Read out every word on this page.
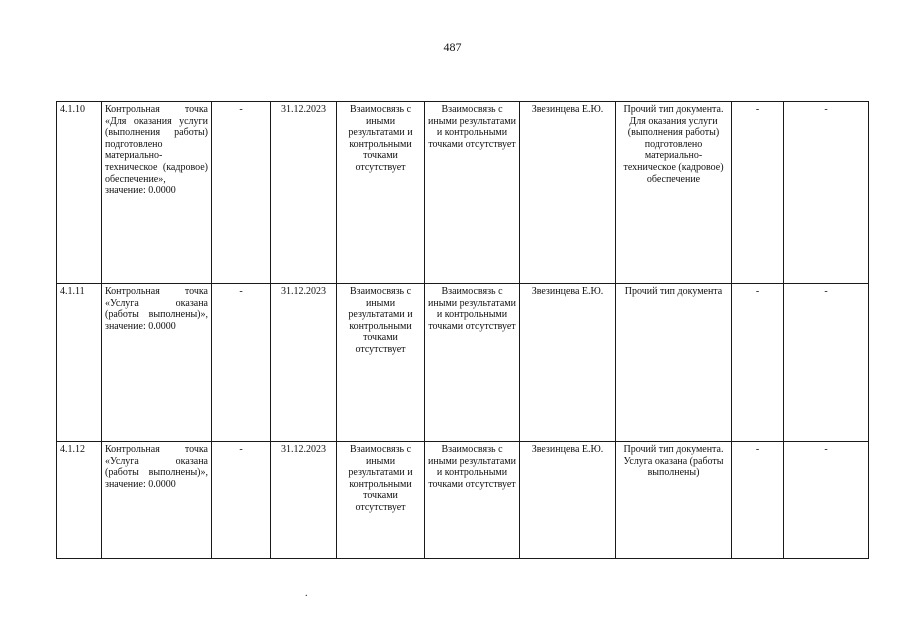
487
4.1.10	Контрольная точка «Для оказания услуги (выполнения работы) подготовлено материально-техническое (кадровое) обеспечение», значение: 0.0000	-	31.12.2023	Взаимосвязь с иными результатами и контрольными точками отсутствует	Взаимосвязь с иными результатами и контрольными точками отсутствует	Звезинцева Е.Ю.	Прочий тип документа. Для оказания услуги (выполнения работы) подготовлено материально-техническое (кадровое) обеспечение	-	-
4.1.11	Контрольная точка «Услуга оказана (работы выполнены)», значение: 0.0000	-	31.12.2023	Взаимосвязь с иными результатами и контрольными точками отсутствует	Взаимосвязь с иными результатами и контрольными точками отсутствует	Звезинцева Е.Ю.	Прочий тип документа	-	-
4.1.12	Контрольная точка «Услуга оказана (работы выполнены)», значение: 0.0000	-	31.12.2023	Взаимосвязь с иными результатами и контрольными точками отсутствует	Взаимосвязь с иными результатами и контрольными точками отсутствует	Звезинцева Е.Ю.	Прочий тип документа. Услуга оказана (работы выполнены)	-	-
.
